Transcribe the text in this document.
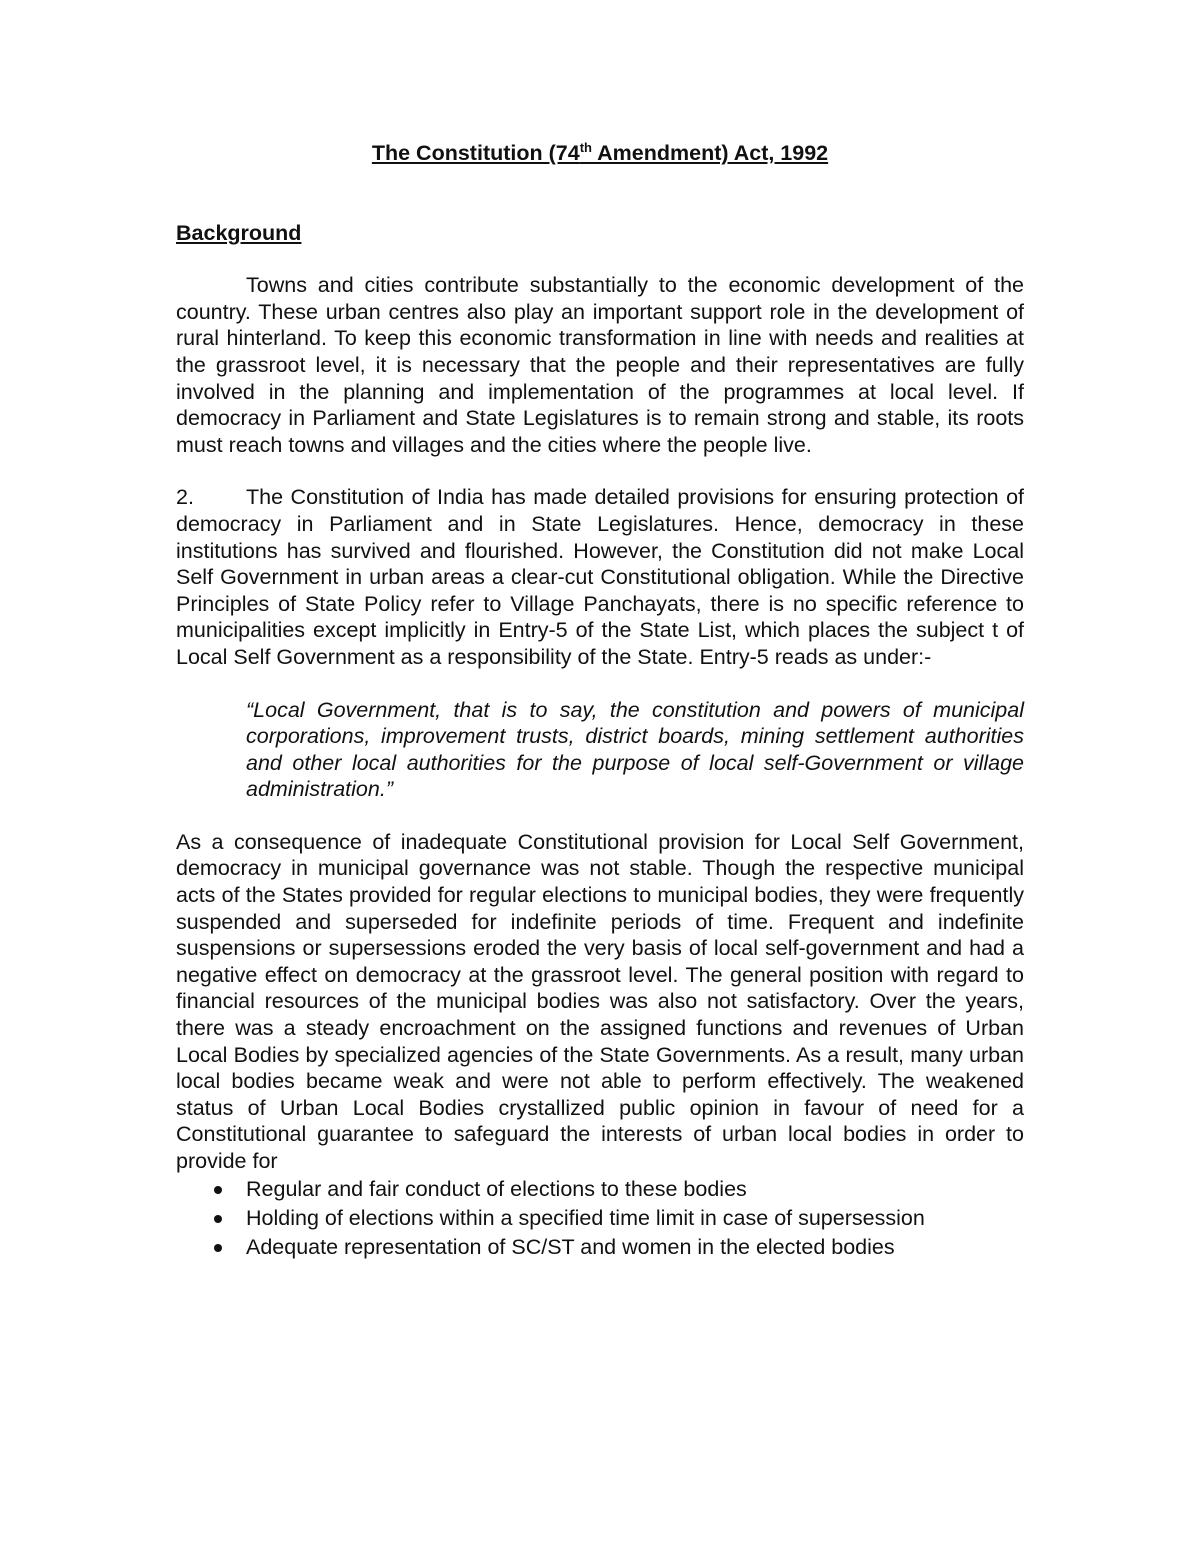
The Constitution (74th Amendment) Act, 1992
Background

Towns and cities contribute substantially to the economic development of the country. These urban centres also play an important support role in the development of rural hinterland. To keep this economic transformation in line with needs and realities at the grassroot level, it is necessary that the people and their representatives are fully involved in the planning and implementation of the programmes at local level. If democracy in Parliament and State Legislatures is to remain strong and stable, its roots must reach towns and villages and the cities where the people live.

2. The Constitution of India has made detailed provisions for ensuring protection of democracy in Parliament and in State Legislatures. Hence, democracy in these institutions has survived and flourished. However, the Constitution did not make Local Self Government in urban areas a clear-cut Constitutional obligation. While the Directive Principles of State Policy refer to Village Panchayats, there is no specific reference to municipalities except implicitly in Entry-5 of the State List, which places the subject t of Local Self Government as a responsibility of the State. Entry-5 reads as under:-

“Local Government, that is to say, the constitution and powers of municipal corporations, improvement trusts, district boards, mining settlement authorities and other local authorities for the purpose of local self-Government or village administration.”

As a consequence of inadequate Constitutional provision for Local Self Government, democracy in municipal governance was not stable. Though the respective municipal acts of the States provided for regular elections to municipal bodies, they were frequently suspended and superseded for indefinite periods of time. Frequent and indefinite suspensions or supersessions eroded the very basis of local self-government and had a negative effect on democracy at the grassroot level. The general position with regard to financial resources of the municipal bodies was also not satisfactory. Over the years, there was a steady encroachment on the assigned functions and revenues of Urban Local Bodies by specialized agencies of the State Governments. As a result, many urban local bodies became weak and were not able to perform effectively. The weakened status of Urban Local Bodies crystallized public opinion in favour of need for a Constitutional guarantee to safeguard the interests of urban local bodies in order to provide for

Regular and fair conduct of elections to these bodies
Holding of elections within a specified time limit in case of supersession
Adequate representation of SC/ST and women in the elected bodies
